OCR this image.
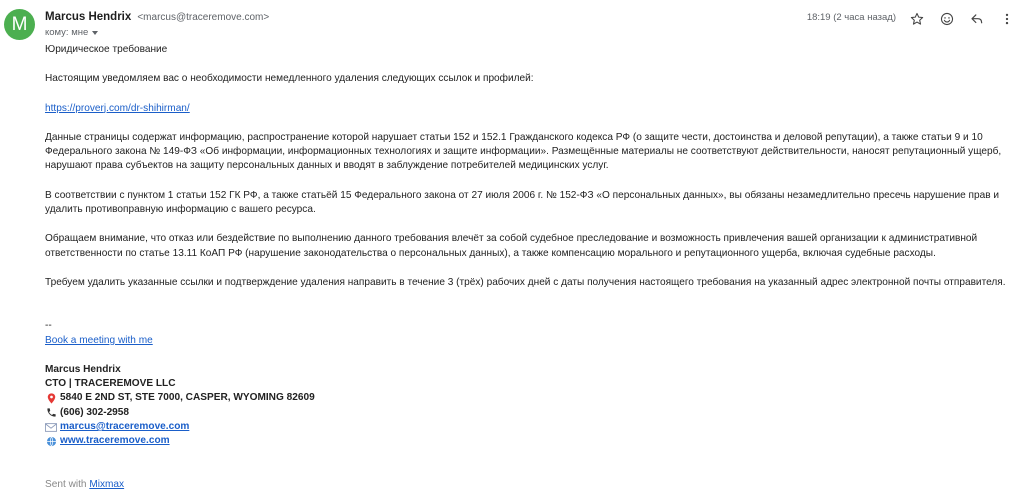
M	Marcus Hendrix <marcus@traceremove.com>
кому: мне
18:19 (2 часа назад)

Юридическое требование

Настоящим уведомляем вас о необходимости немедленного удаления следующих ссылок и профилей:

https://proverj.com/dr-shihirman/

Данные страницы содержат информацию, распространение которой нарушает статьи 152 и 152.1 Гражданского кодекса РФ (о защите чести, достоинства и деловой репутации), а также статьи 9 и 10 Федерального закона № 149-ФЗ «Об информации, информационных технологиях и защите информации». Размещённые материалы не соответствуют действительности, наносят репутационный ущерб, нарушают права субъектов на защиту персональных данных и вводят в заблуждение потребителей медицинских услуг.

В соответствии с пунктом 1 статьи 152 ГК РФ, а также статьёй 15 Федерального закона от 27 июля 2006 г. № 152-ФЗ «О персональных данных», вы обязаны незамедлительно пресечь нарушение прав и удалить противоправную информацию с вашего ресурса.

Обращаем внимание, что отказ или бездействие по выполнению данного требования влечёт за собой судебное преследование и возможность привлечения вашей организации к административной ответственности по статье 13.11 КоАП РФ (нарушение законодательства о персональных данных), а также компенсацию морального и репутационного ущерба, включая судебные расходы.

Требуем удалить указанные ссылки и подтверждение удаления направить в течение 3 (трёх) рабочих дней с даты получения настоящего требования на указанный адрес электронной почты отправителя.

--

Book a meeting with me

Marcus Hendrix

CTO | TRACEREMOVE LLC

5840 E 2ND ST, STE 7000, CASPER, WYOMING 82609
(606) 302-2958
marcus@traceremove.com
www.traceremove.com

Sent with Mixmax
